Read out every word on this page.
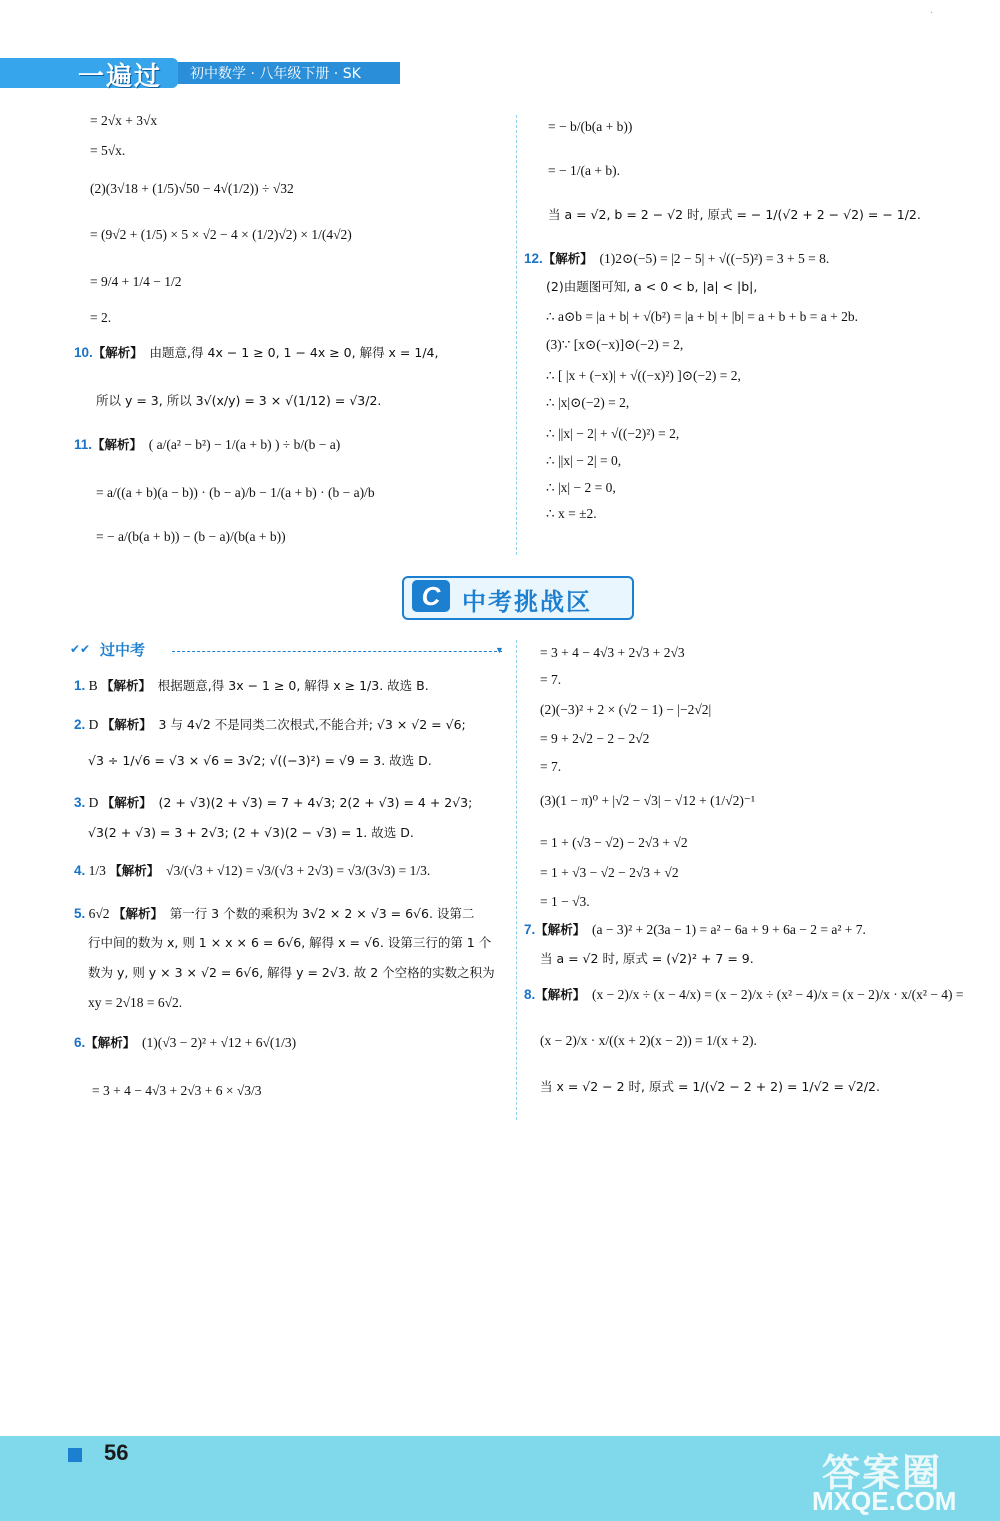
一遍过 初中数学 · 八年级下册 · SK
·
= 2√x + 3√x
= 5√x.
(2)(3√18 + (1/5)√50 − 4√(1/2)) ÷ √32
= (9√2 + (1/5) × 5 × √2 − 4 × (1/2)√2) × 1/(4√2)
= 9/4 + 1/4 − 1/2
= 2.
10.【解析】 由题意,得 4x − 1 ≥ 0, 1 − 4x ≥ 0, 解得 x = 1/4,
所以 y = 3, 所以 3√(x/y) = 3 × √(1/12) = √3/2.
11.【解析】 ( a/(a² − b²) − 1/(a + b) ) ÷ b/(b − a)
= a/((a + b)(a − b)) · (b − a)/b − 1/(a + b) · (b − a)/b
= − a/(b(a + b)) − (b − a)/(b(a + b))
= − b/(b(a + b))
= − 1/(a + b).
当 a = √2, b = 2 − √2 时, 原式 = − 1/(√2 + 2 − √2) = − 1/2.
12.【解析】 (1)2⊙(−5) = |2 − 5| + √((−5)²) = 3 + 5 = 8.
(2)由题图可知, a < 0 < b, |a| < |b|,
∴ a⊙b = |a + b| + √(b²) = |a + b| + |b| = a + b + b = a + 2b.
(3)∵ [x⊙(−x)]⊙(−2) = 2,
∴ [ |x + (−x)| + √((−x)²) ]⊙(−2) = 2,
∴ |x|⊙(−2) = 2,
∴ ||x| − 2| + √((−2)²) = 2,
∴ ||x| − 2| = 0,
∴ |x| − 2 = 0,
∴ x = ±2.
C 中考挑战区
✔✔ 过中考	▼
1. B 【解析】 根据题意,得 3x − 1 ≥ 0, 解得 x ≥ 1/3. 故选 B.
2. D 【解析】 3 与 4√2 不是同类二次根式,不能合并; √3 × √2 = √6;
√3 ÷ 1/√6 = √3 × √6 = 3√2; √((−3)²) = √9 = 3. 故选 D.
3. D 【解析】 (2 + √3)(2 + √3) = 7 + 4√3; 2(2 + √3) = 4 + 2√3;
√3(2 + √3) = 3 + 2√3; (2 + √3)(2 − √3) = 1. 故选 D.
4. 1/3 【解析】 √3/(√3 + √12) = √3/(√3 + 2√3) = √3/(3√3) = 1/3.
5. 6√2 【解析】 第一行 3 个数的乘积为 3√2 × 2 × √3 = 6√6. 设第二
行中间的数为 x, 则 1 × x × 6 = 6√6, 解得 x = √6. 设第三行的第 1 个
数为 y, 则 y × 3 × √2 = 6√6, 解得 y = 2√3. 故 2 个空格的实数之积为
xy = 2√18 = 6√2.
6.【解析】 (1)(√3 − 2)² + √12 + 6√(1/3)
= 3 + 4 − 4√3 + 2√3 + 6 × √3/3
= 3 + 4 − 4√3 + 2√3 + 2√3
= 7.
(2)(−3)² + 2 × (√2 − 1) − |−2√2|
= 9 + 2√2 − 2 − 2√2
= 7.
(3)(1 − π)⁰ + |√2 − √3| − √12 + (1/√2)⁻¹
= 1 + (√3 − √2) − 2√3 + √2
= 1 + √3 − √2 − 2√3 + √2
= 1 − √3.
7.【解析】 (a − 3)² + 2(3a − 1) = a² − 6a + 9 + 6a − 2 = a² + 7.
当 a = √2 时, 原式 = (√2)² + 7 = 9.
8.【解析】 (x − 2)/x ÷ (x − 4/x) = (x − 2)/x ÷ (x² − 4)/x = (x − 2)/x · x/(x² − 4) =
(x − 2)/x · x/((x + 2)(x − 2)) = 1/(x + 2).
当 x = √2 − 2 时, 原式 = 1/(√2 − 2 + 2) = 1/√2 = √2/2.
56	答案圈
MXQE.COM
